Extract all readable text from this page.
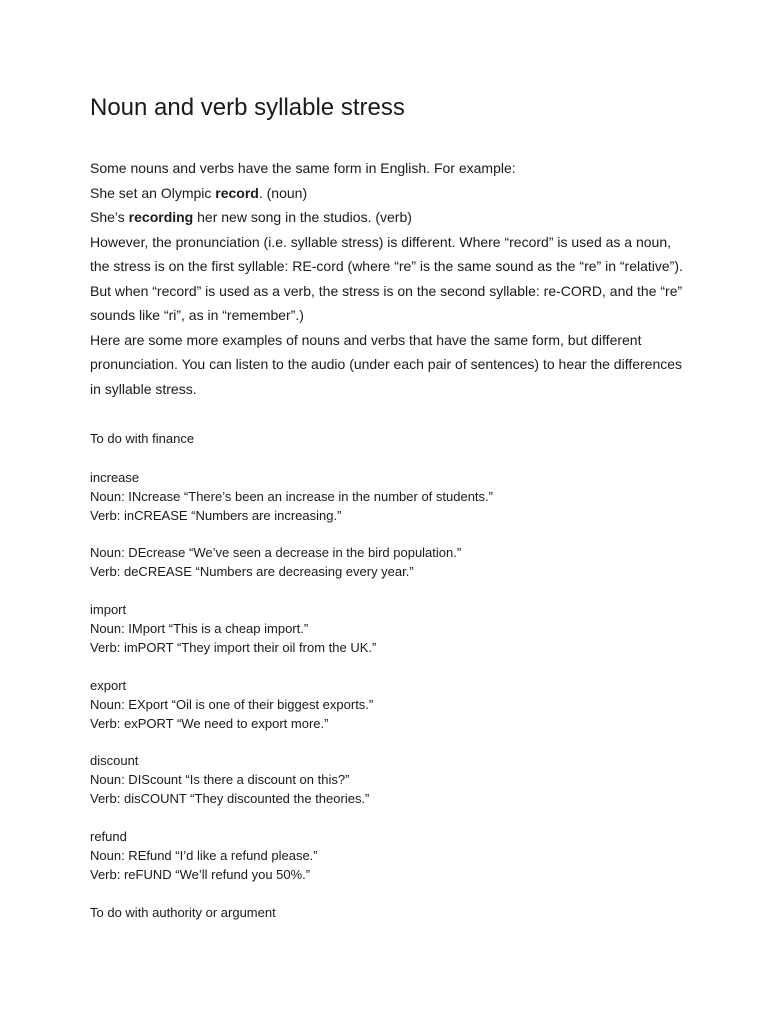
Noun and verb syllable stress
Some nouns and verbs have the same form in English. For example:
She set an Olympic record. (noun)
She’s recording her new song in the studios. (verb)
However, the pronunciation (i.e. syllable stress) is different. Where “record” is used as a noun,
the stress is on the first syllable: RE-cord (where “re” is the same sound as the “re” in “relative”).
But when “record” is used as a verb, the stress is on the second syllable: re-CORD, and the “re”
sounds like “ri”, as in “remember”.)
Here are some more examples of nouns and verbs that have the same form, but different
pronunciation. You can listen to the audio (under each pair of sentences) to hear the differences
in syllable stress.
To do with finance
increase
Noun: INcrease “There’s been an increase in the number of students.”
Verb: inCREASE “Numbers are increasing.”
Noun: DEcrease “We’ve seen a decrease in the bird population.”
Verb: deCREASE “Numbers are decreasing every year.”
import
Noun: IMport “This is a cheap import.”
Verb: imPORT “They import their oil from the UK.”
export
Noun: EXport “Oil is one of their biggest exports.”
Verb: exPORT “We need to export more.”
discount
Noun: DIScount “Is there a discount on this?”
Verb: disCOUNT “They discounted the theories.”
refund
Noun: REfund “I’d like a refund please.”
Verb: reFUND “We’ll refund you 50%.”
To do with authority or argument
